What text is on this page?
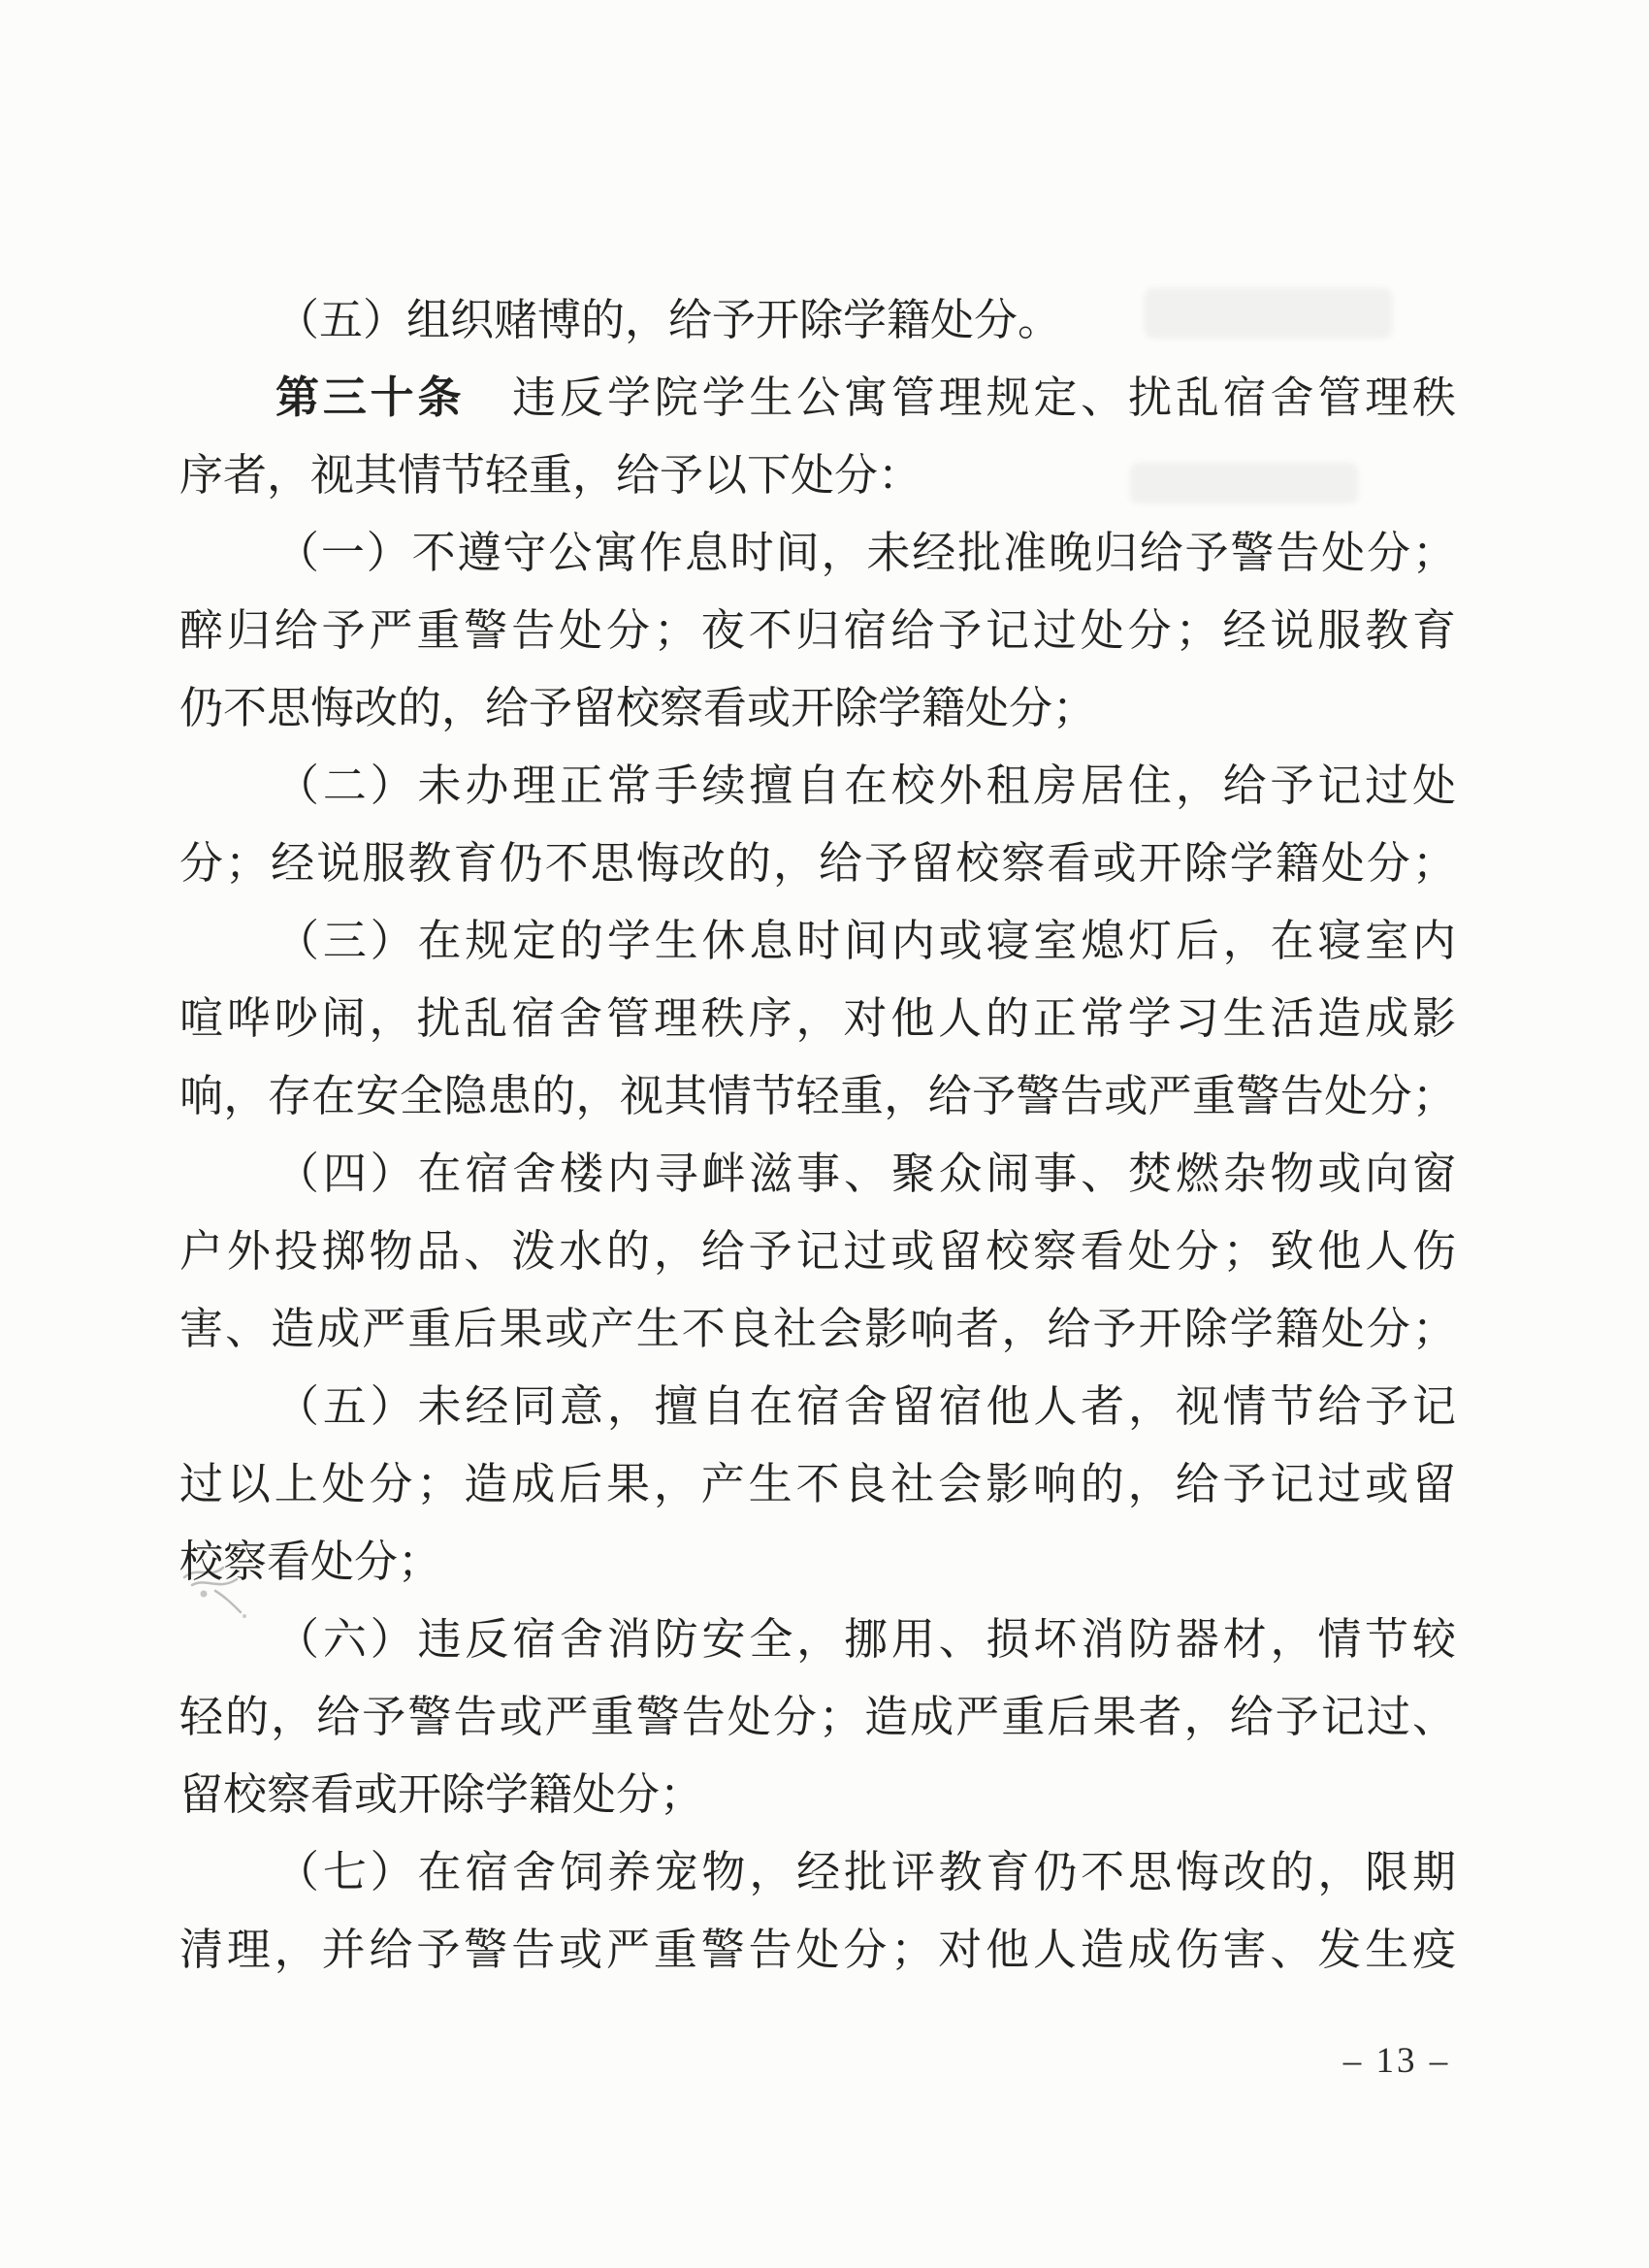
（五）组织赌博的，给予开除学籍处分。
第三十条　违反学院学生公寓管理规定、扰乱宿舍管理秩
序者，视其情节轻重，给予以下处分：
（一）不遵守公寓作息时间，未经批准晚归给予警告处分；
醉归给予严重警告处分；夜不归宿给予记过处分；经说服教育
仍不思悔改的，给予留校察看或开除学籍处分；
（二）未办理正常手续擅自在校外租房居住，给予记过处
分；经说服教育仍不思悔改的，给予留校察看或开除学籍处分；
（三）在规定的学生休息时间内或寝室熄灯后，在寝室内
喧哗吵闹，扰乱宿舍管理秩序，对他人的正常学习生活造成影
响，存在安全隐患的，视其情节轻重，给予警告或严重警告处分；
（四）在宿舍楼内寻衅滋事、聚众闹事、焚燃杂物或向窗
户外投掷物品、泼水的，给予记过或留校察看处分；致他人伤
害、造成严重后果或产生不良社会影响者，给予开除学籍处分；
（五）未经同意，擅自在宿舍留宿他人者，视情节给予记
过以上处分；造成后果，产生不良社会影响的，给予记过或留
校察看处分；
（六）违反宿舍消防安全，挪用、损坏消防器材，情节较
轻的，给予警告或严重警告处分；造成严重后果者，给予记过、
留校察看或开除学籍处分；
（七）在宿舍饲养宠物，经批评教育仍不思悔改的，限期
清理，并给予警告或严重警告处分；对他人造成伤害、发生疫
– 13 –
